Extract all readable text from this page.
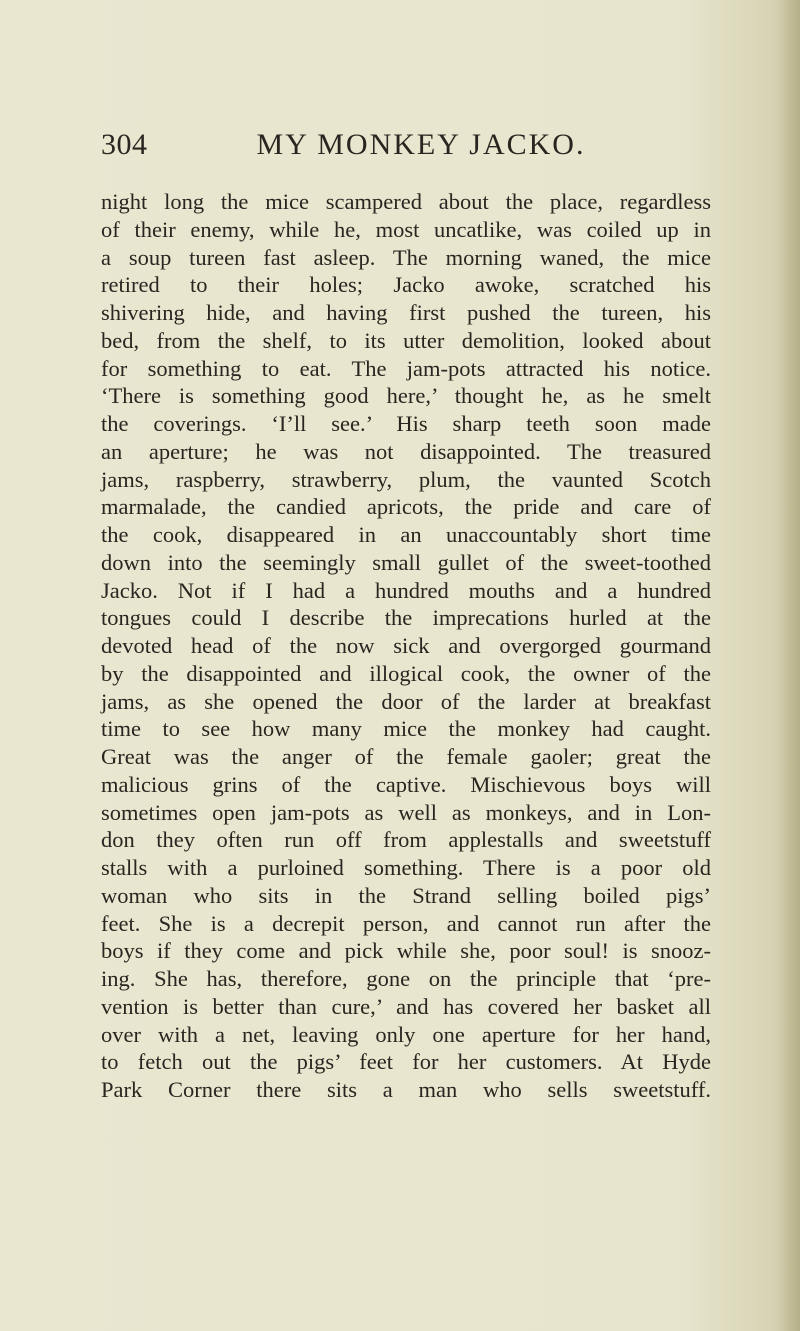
304	MY MONKEY JACKO.
night long the mice scampered about the place, regardless
of their enemy, while he, most uncatlike, was coiled up in
a soup tureen fast asleep. The morning waned, the mice
retired to their holes; Jacko awoke, scratched his
shivering hide, and having first pushed the tureen, his
bed, from the shelf, to its utter demolition, looked about
for something to eat. The jam-pots attracted his notice.
‘There is something good here,’ thought he, as he smelt
the coverings. ‘I’ll see.’ His sharp teeth soon made
an aperture; he was not disappointed. The treasured
jams, raspberry, strawberry, plum, the vaunted Scotch
marmalade, the candied apricots, the pride and care of
the cook, disappeared in an unaccountably short time
down into the seemingly small gullet of the sweet-toothed
Jacko. Not if I had a hundred mouths and a hundred
tongues could I describe the imprecations hurled at the
devoted head of the now sick and overgorged gourmand
by the disappointed and illogical cook, the owner of the
jams, as she opened the door of the larder at breakfast
time to see how many mice the monkey had caught.
Great was the anger of the female gaoler; great the
malicious grins of the captive. Mischievous boys will
sometimes open jam-pots as well as monkeys, and in Lon-
don they often run off from applestalls and sweetstuff
stalls with a purloined something. There is a poor old
woman who sits in the Strand selling boiled pigs’
feet. She is a decrepit person, and cannot run after the
boys if they come and pick while she, poor soul! is snooz-
ing. She has, therefore, gone on the principle that ‘pre-
vention is better than cure,’ and has covered her basket all
over with a net, leaving only one aperture for her hand,
to fetch out the pigs’ feet for her customers. At Hyde
Park Corner there sits a man who sells sweetstuff.
